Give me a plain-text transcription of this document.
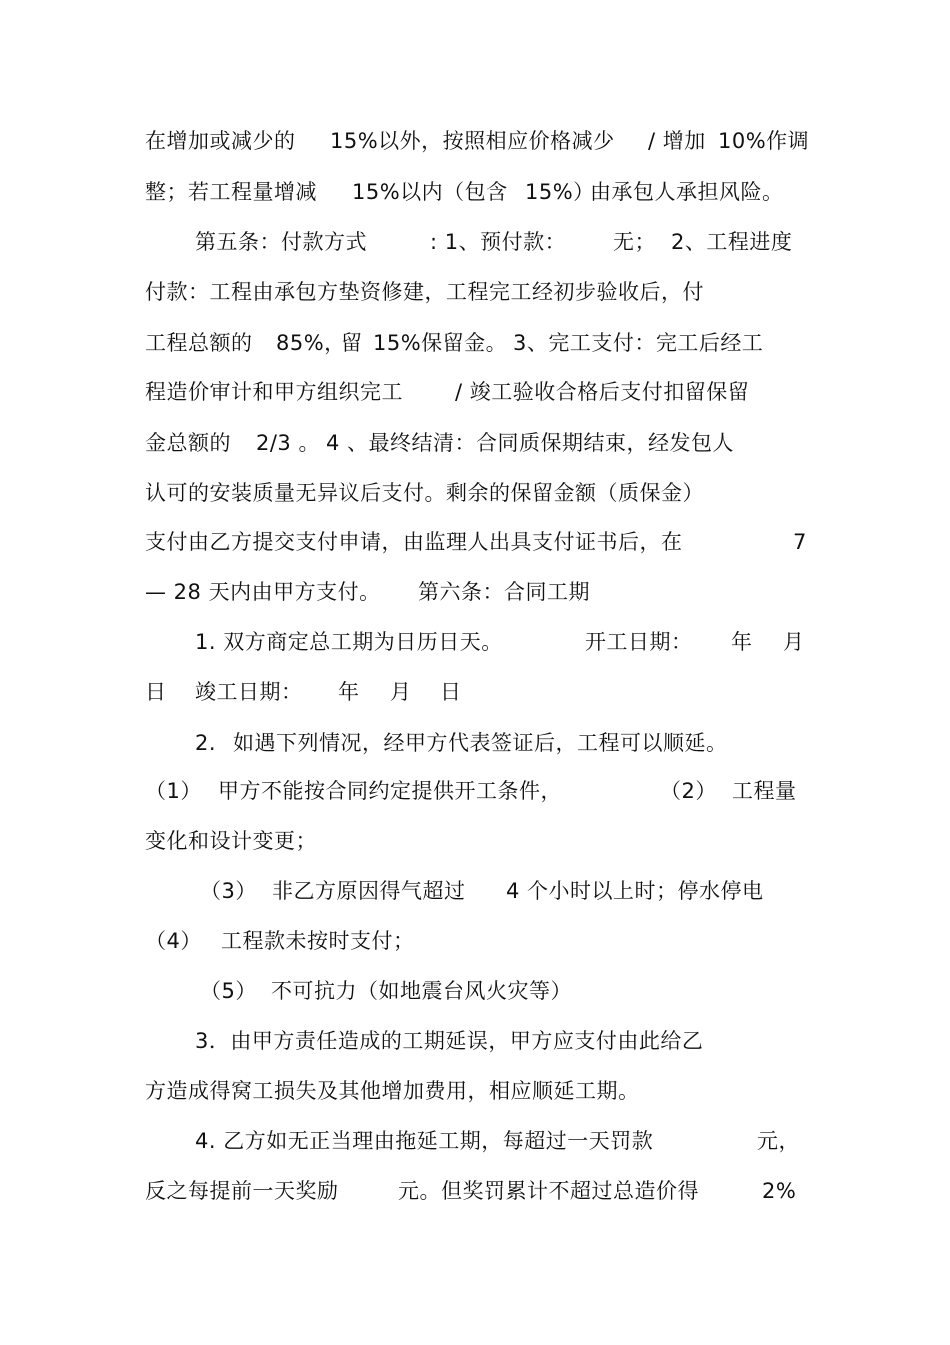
在增加或减少的

15%以外，按照相应价格减少

/ 增加

10%作调

整；若工程量增减

15%以内（包含

15%）

由承包人承担风险。

第五条：付款方式

	: 1、预付款：

无；

2、工程进度

付款：工程由承包方垫资修建，工程完工经初步验收后，付

工程总额的

85%，

留

15%保留金。

3、完工支付：完工后经工

程造价审计和甲方组织完工

/ 竣工验收合格后支付扣留保留

金总额的

2/3 。

4 、最终结清：合同质保期结束，经发包人

认可的安装质量无异议后支付。剩余的保留金额（质保金）

支付由乙方提交支付申请，由监理人出具支付证书后，在

	7

— 28 天内由甲方支付。

第六条：合同工期

1. 双方商定总工期为日历日天。

	开工日期：

年

月

日

竣工日期：

年

月

日

2.

如遇下列情况，经甲方代表签证后，工程可以顺延。

（1）

甲方不能按合同约定提供开工条件，

	（2）

工程量

变化和设计变更；

（3）

非乙方原因得气超过

4 个小时以上时；停水停电

（4）

工程款未按时支付；

（5）

不可抗力（如地震台风火灾等）

3．由甲方责任造成的工期延误，甲方应支付由此给乙

方造成得窝工损失及其他增加费用，相应顺延工期。

4. 乙方如无正当理由拖延工期，每超过一天罚款

	元，

反之每提前一天奖励

	元。但奖罚累计不超过总造价得

	2%
